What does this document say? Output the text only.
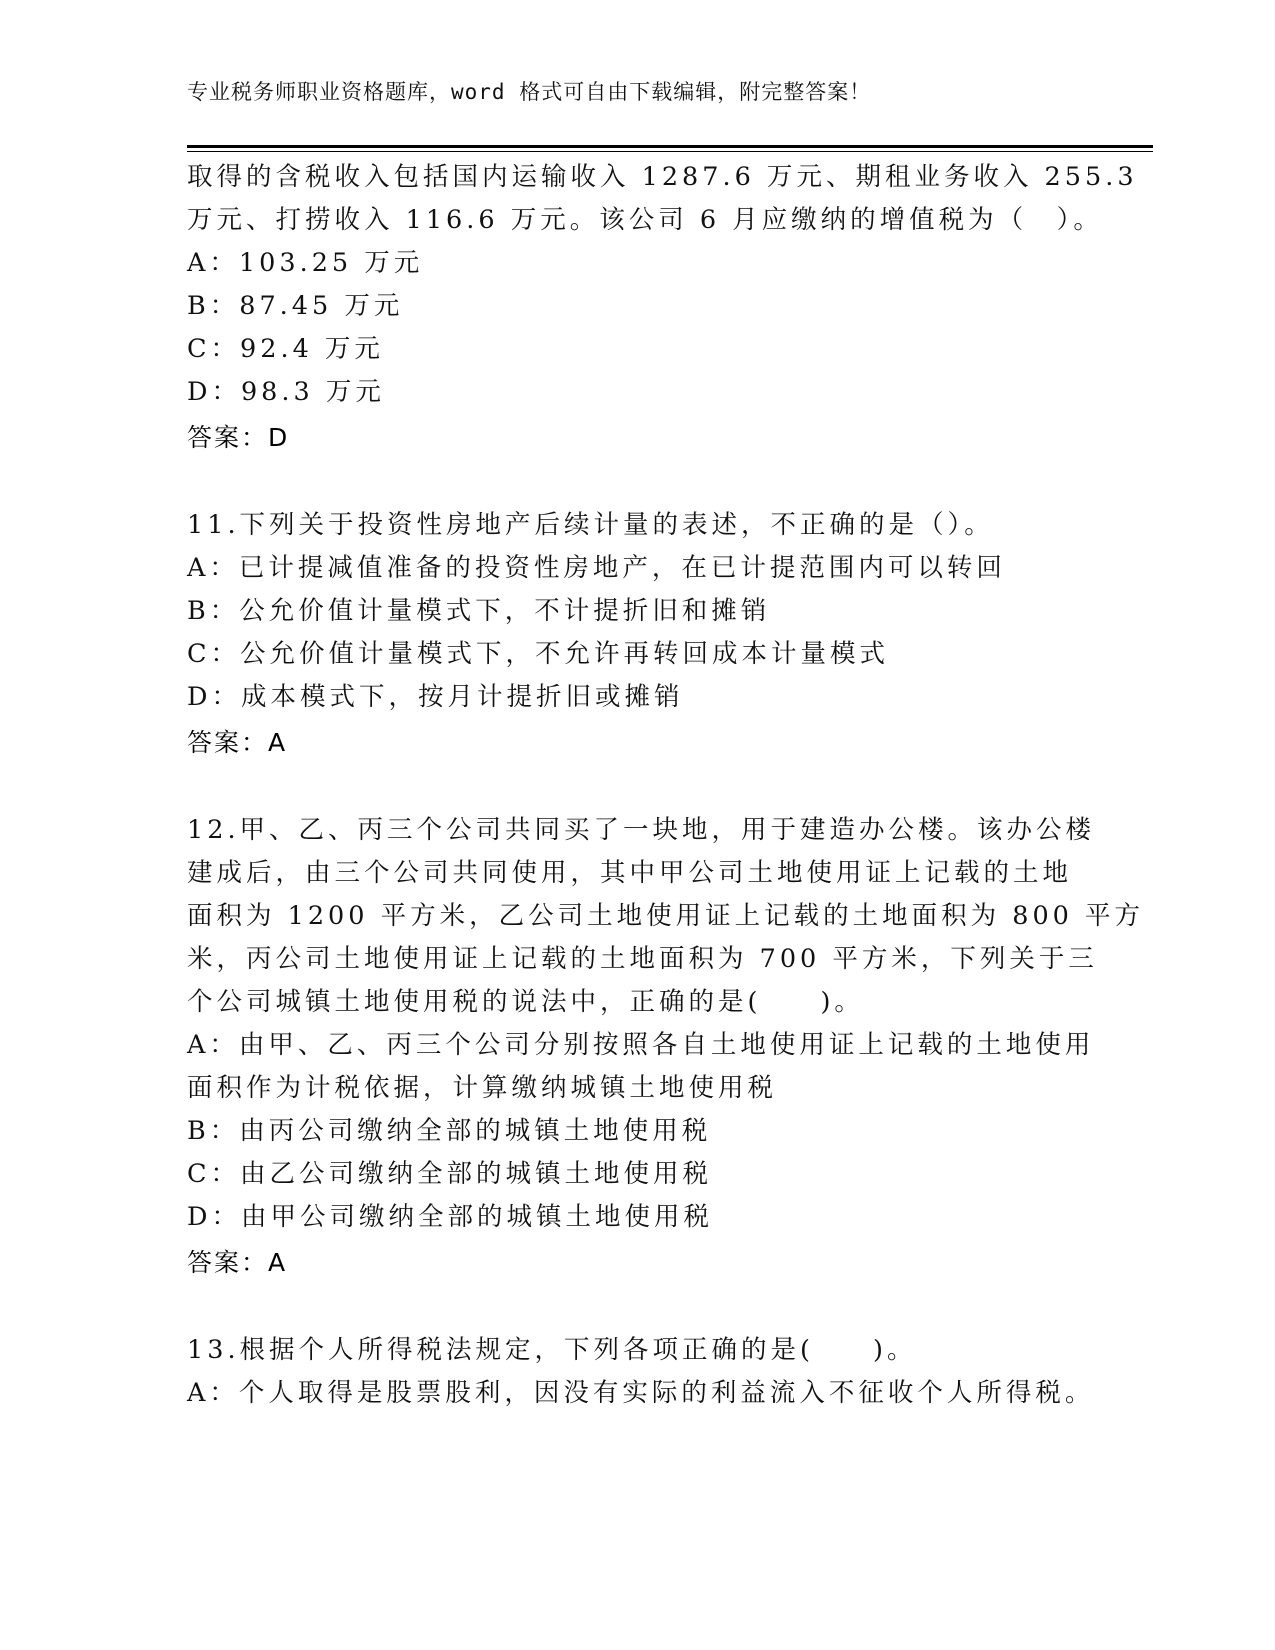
专业税务师职业资格题库，word 格式可自由下载编辑，附完整答案！
取得的含税收入包括国内运输收入 1287.6 万元、期租业务收入 255.3
万元、打捞收入 116.6 万元。该公司 6 月应缴纳的增值税为（　）。
A：103.25 万元
B：87.45 万元
C：92.4 万元
D：98.3 万元
答案：D
11.下列关于投资性房地产后续计量的表述，不正确的是（）。
A：已计提减值准备的投资性房地产，在已计提范围内可以转回
B：公允价值计量模式下，不计提折旧和摊销
C：公允价值计量模式下，不允许再转回成本计量模式
D：成本模式下，按月计提折旧或摊销
答案：A
12.甲、乙、丙三个公司共同买了一块地，用于建造办公楼。该办公楼
建成后，由三个公司共同使用，其中甲公司土地使用证上记载的土地
面积为 1200 平方米，乙公司土地使用证上记载的土地面积为 800 平方
米，丙公司土地使用证上记载的土地面积为 700 平方米，下列关于三
个公司城镇土地使用税的说法中，正确的是(　　)。
A：由甲、乙、丙三个公司分别按照各自土地使用证上记载的土地使用
面积作为计税依据，计算缴纳城镇土地使用税
B：由丙公司缴纳全部的城镇土地使用税
C：由乙公司缴纳全部的城镇土地使用税
D：由甲公司缴纳全部的城镇土地使用税
答案：A
13.根据个人所得税法规定，下列各项正确的是(　　)。
A：个人取得是股票股利，因没有实际的利益流入不征收个人所得税。
